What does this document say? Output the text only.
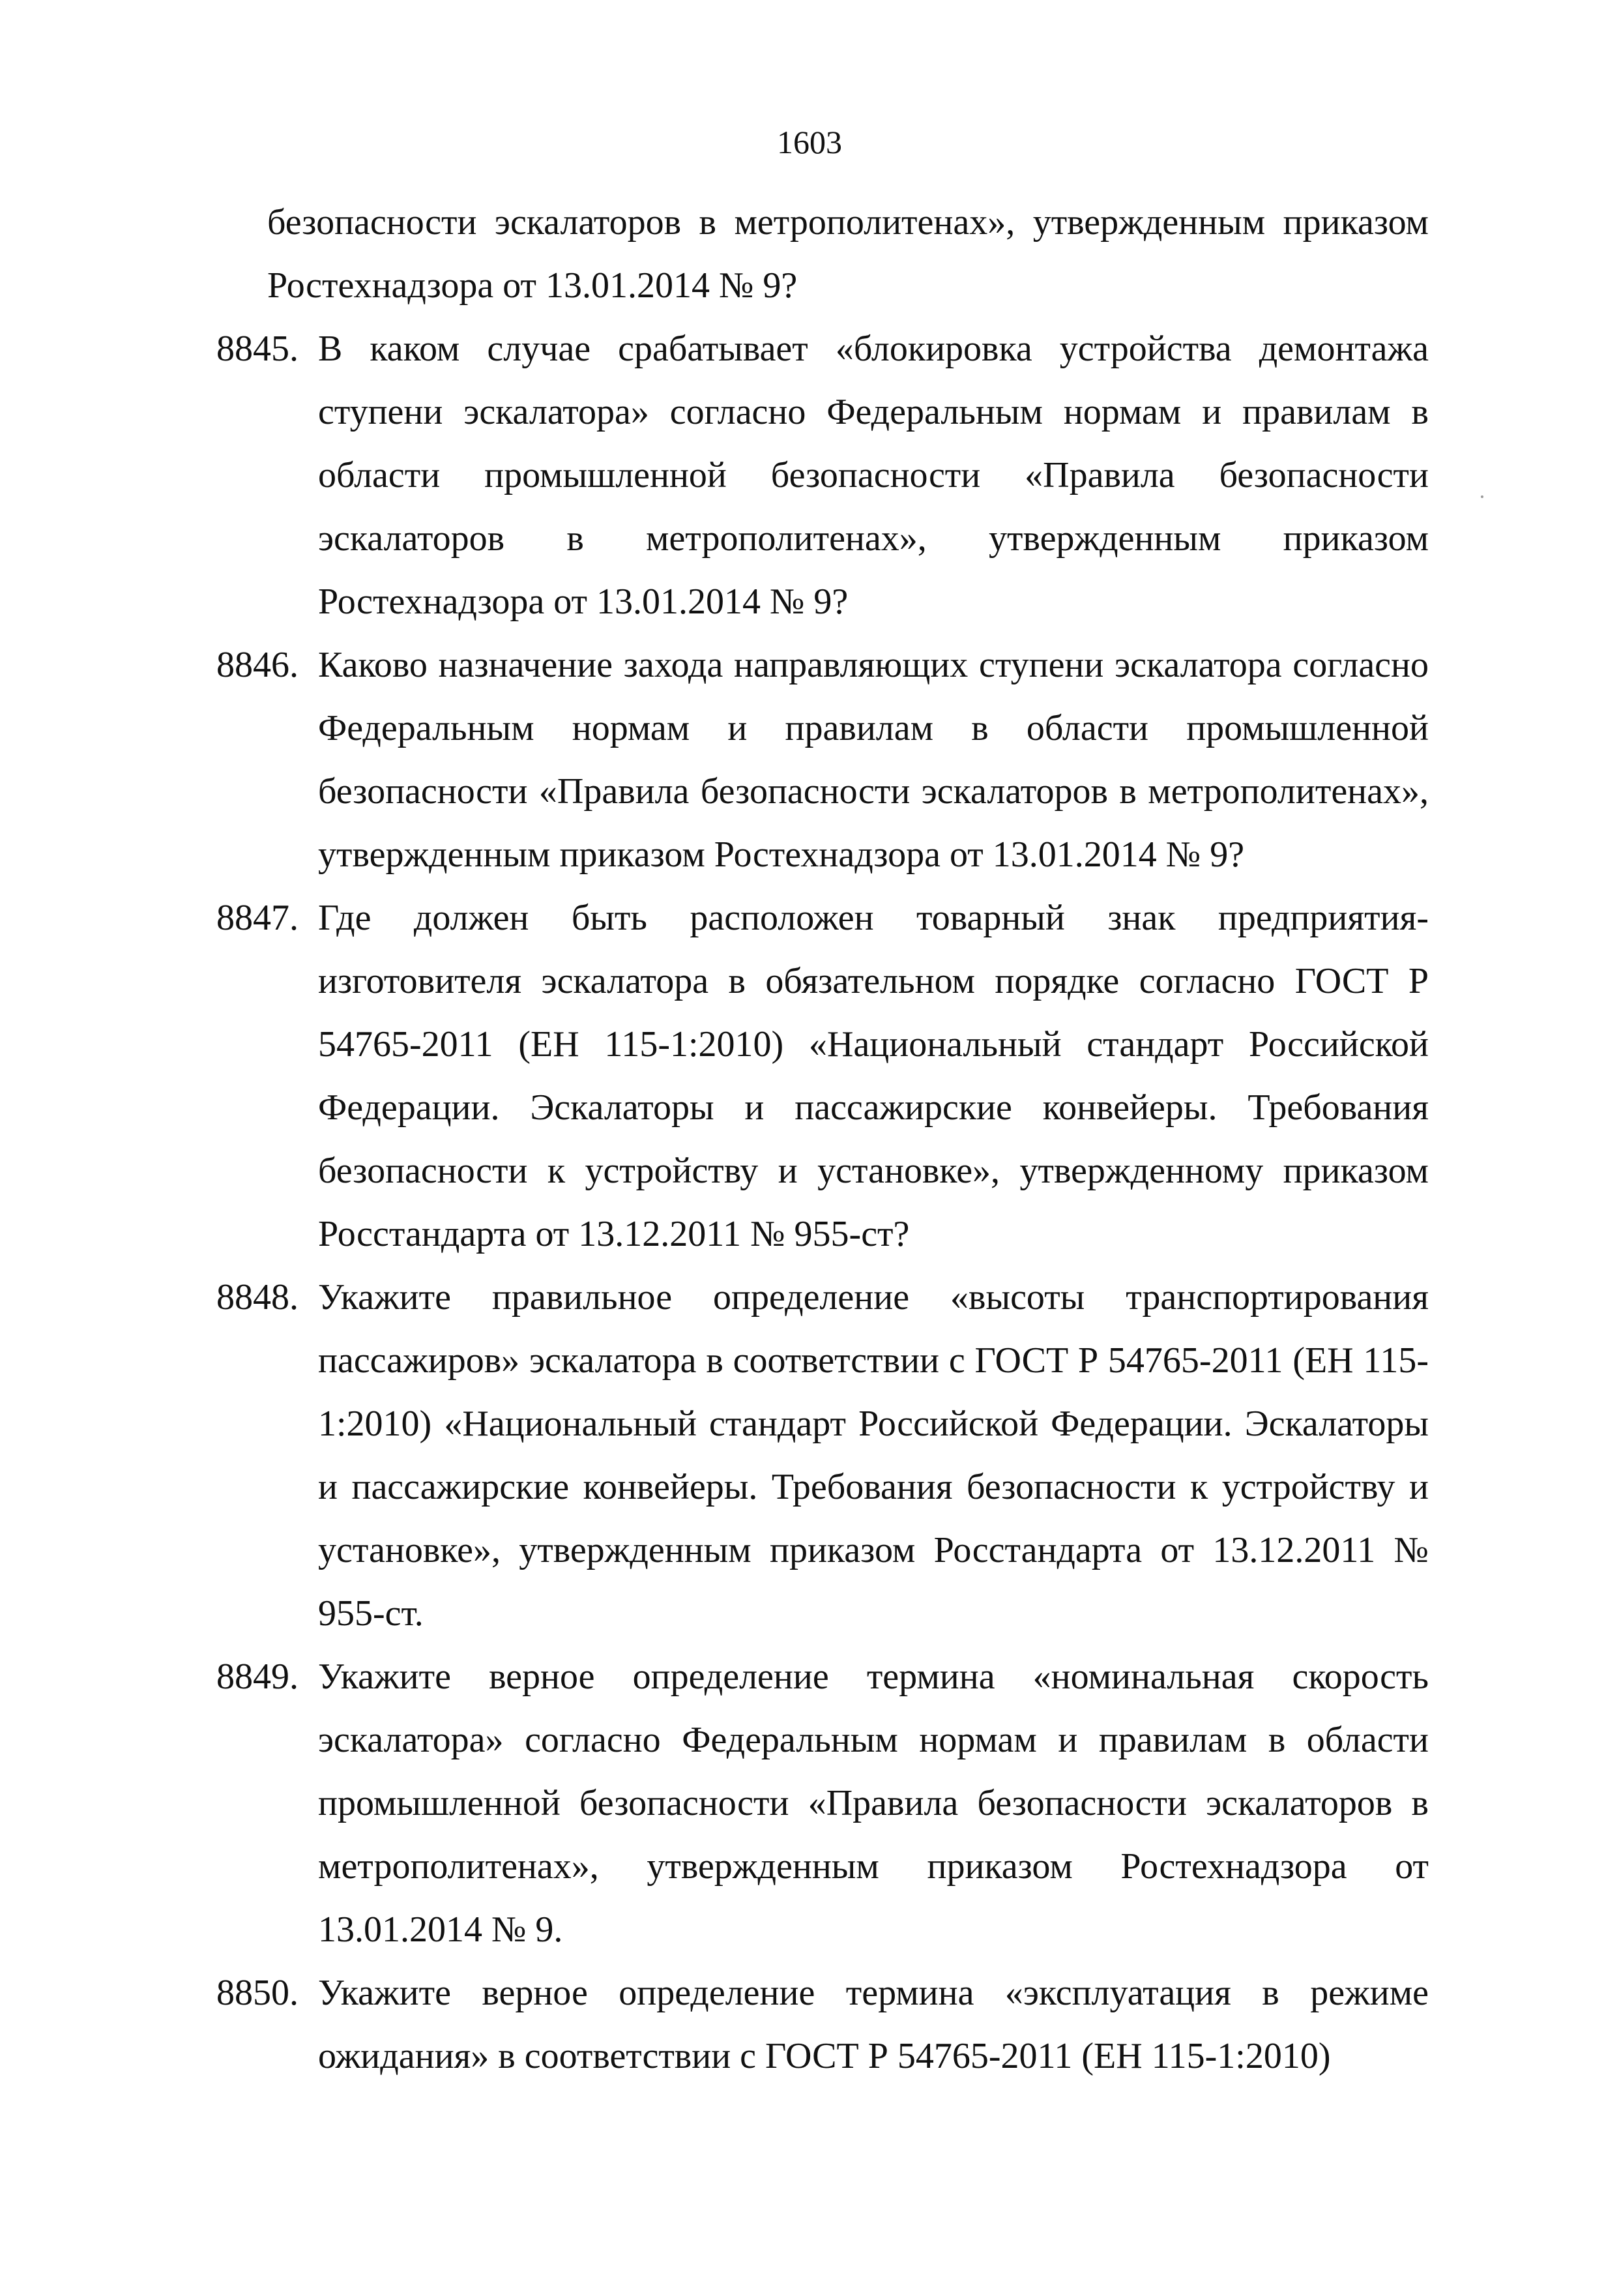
1603
безопасности эскалаторов в метрополитенах», утвержденным приказом Ростехнадзора от 13.01.2014 № 9?
8845. В каком случае срабатывает «блокировка устройства демонтажа ступени эскалатора» согласно Федеральным нормам и правилам в области промышленной безопасности «Правила безопасности эскалаторов в метрополитенах», утвержденным приказом Ростехнадзора от 13.01.2014 № 9?
8846. Каково назначение захода направляющих ступени эскалатора согласно Федеральным нормам и правилам в области промышленной безопасности «Правила безопасности эскалаторов в метрополитенах», утвержденным приказом Ростехнадзора от 13.01.2014 № 9?
8847. Где должен быть расположен товарный знак предприятия-изготовителя эскалатора в обязательном порядке согласно ГОСТ Р 54765-2011 (ЕН 115-1:2010) «Национальный стандарт Российской Федерации. Эскалаторы и пассажирские конвейеры. Требования безопасности к устройству и установке», утвержденному приказом Росстандарта от 13.12.2011 № 955-ст?
8848. Укажите правильное определение «высоты транспортирования пассажиров» эскалатора в соответствии с ГОСТ Р 54765-2011 (ЕН 115-1:2010) «Национальный стандарт Российской Федерации. Эскалаторы и пассажирские конвейеры. Требования безопасности к устройству и установке», утвержденным приказом Росстандарта от 13.12.2011 № 955-ст.
8849. Укажите верное определение термина «номинальная скорость эскалатора» согласно Федеральным нормам и правилам в области промышленной безопасности «Правила безопасности эскалаторов в метрополитенах», утвержденным приказом Ростехнадзора от 13.01.2014 № 9.
8850. Укажите верное определение термина «эксплуатация в режиме ожидания» в соответствии с ГОСТ Р 54765-2011 (ЕН 115-1:2010)
